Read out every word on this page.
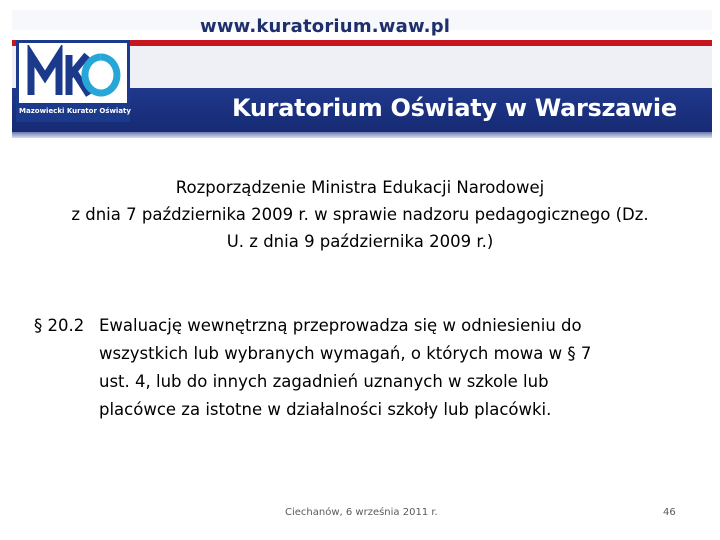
www.kuratorium.waw.pl
Mazowiecki Kurator Oświaty	Kuratorium Oświaty w Warszawie
Rozporządzenie Ministra Edukacji Narodowej
z dnia 7 października 2009 r. w sprawie nadzoru pedagogicznego (Dz.
U. z dnia 9 października 2009 r.)
§ 20.2 Ewaluację wewnętrzną przeprowadza się w odniesieniu do
wszystkich lub wybranych wymagań, o których mowa w § 7
ust. 4, lub do innych zagadnień uznanych w szkole lub
placówce za istotne w działalności szkoły lub placówki.
Ciechanów, 6 września 2011 r.	46
